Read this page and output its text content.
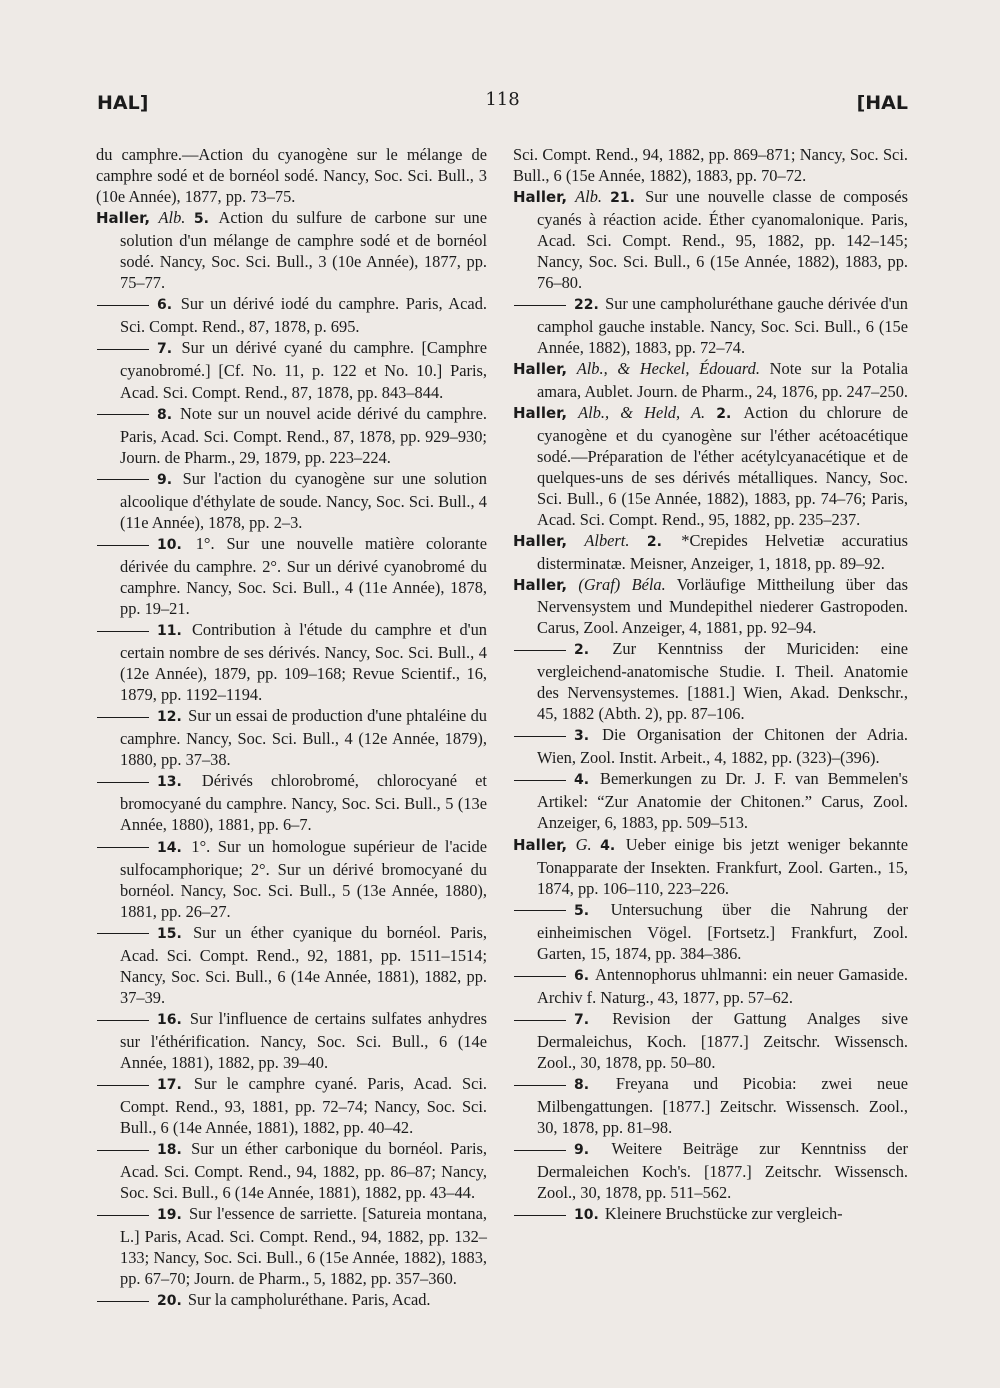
HAL]	118	[HAL

du camphre.—Action du cyanogène sur le mélange de camphre sodé et de bornéol sodé. Nancy, Soc. Sci. Bull., 3 (10e Année), 1877, pp. 73–75.

Haller, Alb. 5. Action du sulfure de carbone sur une solution d'un mélange de camphre sodé et de bornéol sodé. Nancy, Soc. Sci. Bull., 3 (10e Année), 1877, pp. 75–77.

6. Sur un dérivé iodé du camphre. Paris, Acad. Sci. Compt. Rend., 87, 1878, p. 695.

7. Sur un dérivé cyané du camphre. [Camphre cyanobromé.] [Cf. No. 11, p. 122 et No. 10.] Paris, Acad. Sci. Compt. Rend., 87, 1878, pp. 843–844.

8. Note sur un nouvel acide dérivé du camphre. Paris, Acad. Sci. Compt. Rend., 87, 1878, pp. 929–930; Journ. de Pharm., 29, 1879, pp. 223–224.

9. Sur l'action du cyanogène sur une solution alcoolique d'éthylate de soude. Nancy, Soc. Sci. Bull., 4 (11e Année), 1878, pp. 2–3.

10. 1°. Sur une nouvelle matière colorante dérivée du camphre. 2°. Sur un dérivé cyanobromé du camphre. Nancy, Soc. Sci. Bull., 4 (11e Année), 1878, pp. 19–21.

11. Contribution à l'étude du camphre et d'un certain nombre de ses dérivés. Nancy, Soc. Sci. Bull., 4 (12e Année), 1879, pp. 109–168; Revue Scientif., 16, 1879, pp. 1192–1194.

12. Sur un essai de production d'une phtaléine du camphre. Nancy, Soc. Sci. Bull., 4 (12e Année, 1879), 1880, pp. 37–38.

13. Dérivés chlorobromé, chlorocyané et bromocyané du camphre. Nancy, Soc. Sci. Bull., 5 (13e Année, 1880), 1881, pp. 6–7.

14. 1°. Sur un homologue supérieur de l'acide sulfocamphorique; 2°. Sur un dérivé bromocyané du bornéol. Nancy, Soc. Sci. Bull., 5 (13e Année, 1880), 1881, pp. 26–27.

15. Sur un éther cyanique du bornéol. Paris, Acad. Sci. Compt. Rend., 92, 1881, pp. 1511–1514; Nancy, Soc. Sci. Bull., 6 (14e Année, 1881), 1882, pp. 37–39.

16. Sur l'influence de certains sulfates anhydres sur l'éthérification. Nancy, Soc. Sci. Bull., 6 (14e Année, 1881), 1882, pp. 39–40.

17. Sur le camphre cyané. Paris, Acad. Sci. Compt. Rend., 93, 1881, pp. 72–74; Nancy, Soc. Sci. Bull., 6 (14e Année, 1881), 1882, pp. 40–42.

18. Sur un éther carbonique du bornéol. Paris, Acad. Sci. Compt. Rend., 94, 1882, pp. 86–87; Nancy, Soc. Sci. Bull., 6 (14e Année, 1881), 1882, pp. 43–44.

19. Sur l'essence de sarriette. [Satureia montana, L.] Paris, Acad. Sci. Compt. Rend., 94, 1882, pp. 132–133; Nancy, Soc. Sci. Bull., 6 (15e Année, 1882), 1883, pp. 67–70; Journ. de Pharm., 5, 1882, pp. 357–360.

20. Sur la campholuréthane. Paris, Acad.

Sci. Compt. Rend., 94, 1882, pp. 869–871; Nancy, Soc. Sci. Bull., 6 (15e Année, 1882), 1883, pp. 70–72.

Haller, Alb. 21. Sur une nouvelle classe de composés cyanés à réaction acide. Éther cyanomalonique. Paris, Acad. Sci. Compt. Rend., 95, 1882, pp. 142–145; Nancy, Soc. Sci. Bull., 6 (15e Année, 1882), 1883, pp. 76–80.

22. Sur une campholuréthane gauche dérivée d'un camphol gauche instable. Nancy, Soc. Sci. Bull., 6 (15e Année, 1882), 1883, pp. 72–74.

Haller, Alb., & Heckel, Édouard. Note sur la Potalia amara, Aublet. Journ. de Pharm., 24, 1876, pp. 247–250.

Haller, Alb., & Held, A. 2. Action du chlorure de cyanogène et du cyanogène sur l'éther acétoacétique sodé.—Préparation de l'éther acétylcyanacétique et de quelques-uns de ses dérivés métalliques. Nancy, Soc. Sci. Bull., 6 (15e Année, 1882), 1883, pp. 74–76; Paris, Acad. Sci. Compt. Rend., 95, 1882, pp. 235–237.

Haller, Albert. 2. *Crepides Helvetiæ accuratius disterminatæ. Meisner, Anzeiger, 1, 1818, pp. 89–92.

Haller, (Graf) Béla. Vorläufige Mittheilung über das Nervensystem und Mundepithel niederer Gastropoden. Carus, Zool. Anzeiger, 4, 1881, pp. 92–94.

2. Zur Kenntniss der Muriciden: eine vergleichend-anatomische Studie. I. Theil. Anatomie des Nervensystemes. [1881.] Wien, Akad. Denkschr., 45, 1882 (Abth. 2), pp. 87–106.

3. Die Organisation der Chitonen der Adria. Wien, Zool. Instit. Arbeit., 4, 1882, pp. (323)–(396).

4. Bemerkungen zu Dr. J. F. van Bemmelen's Artikel: “Zur Anatomie der Chitonen.” Carus, Zool. Anzeiger, 6, 1883, pp. 509–513.

Haller, G. 4. Ueber einige bis jetzt weniger bekannte Tonapparate der Insekten. Frankfurt, Zool. Garten., 15, 1874, pp. 106–110, 223–226.

5. Untersuchung über die Nahrung der einheimischen Vögel. [Fortsetz.] Frankfurt, Zool. Garten, 15, 1874, pp. 384–386.

6. Antennophorus uhlmanni: ein neuer Gamaside. Archiv f. Naturg., 43, 1877, pp. 57–62.

7. Revision der Gattung Analges sive Dermaleichus, Koch. [1877.] Zeitschr. Wissensch. Zool., 30, 1878, pp. 50–80.

8. Freyana und Picobia: zwei neue Milbengattungen. [1877.] Zeitschr. Wissensch. Zool., 30, 1878, pp. 81–98.

9. Weitere Beiträge zur Kenntniss der Dermaleichen Koch's. [1877.] Zeitschr. Wissensch. Zool., 30, 1878, pp. 511–562.

10. Kleinere Bruchstücke zur vergleich-
